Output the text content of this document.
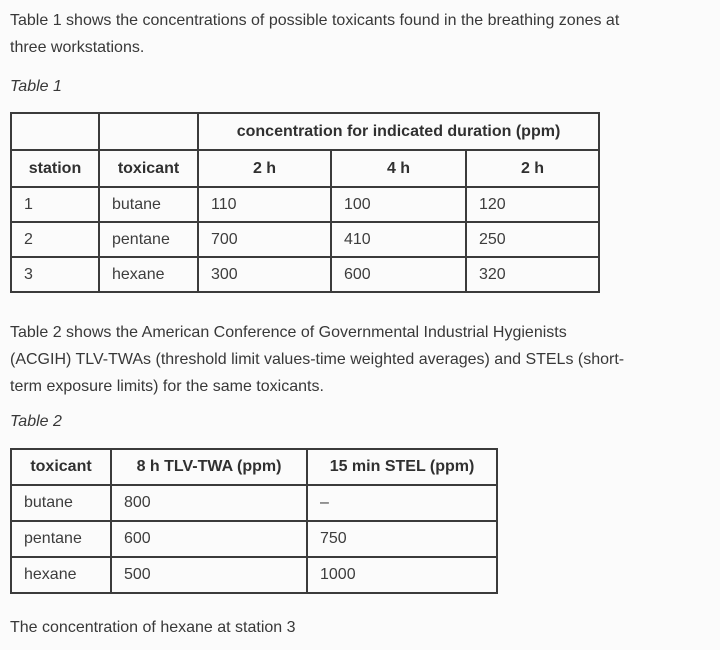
Table 1 shows the concentrations of possible toxicants found in the breathing zones at
three workstations.

Table 1
		concentration for indicated duration (ppm)		
station	toxicant	2 h	4 h	2 h
1	butane	110	100	120
2	pentane	700	410	250
3	hexane	300	600	320

Table 2 shows the American Conference of Governmental Industrial Hygienists
(ACGIH) TLV-TWAs (threshold limit values-time weighted averages) and STELs (short-
term exposure limits) for the same toxicants.

Table 2
toxicant	8 h TLV-TWA (ppm)	15 min STEL (ppm)
butane	800	–
pentane	600	750
hexane	500	1000

The concentration of hexane at station 3
